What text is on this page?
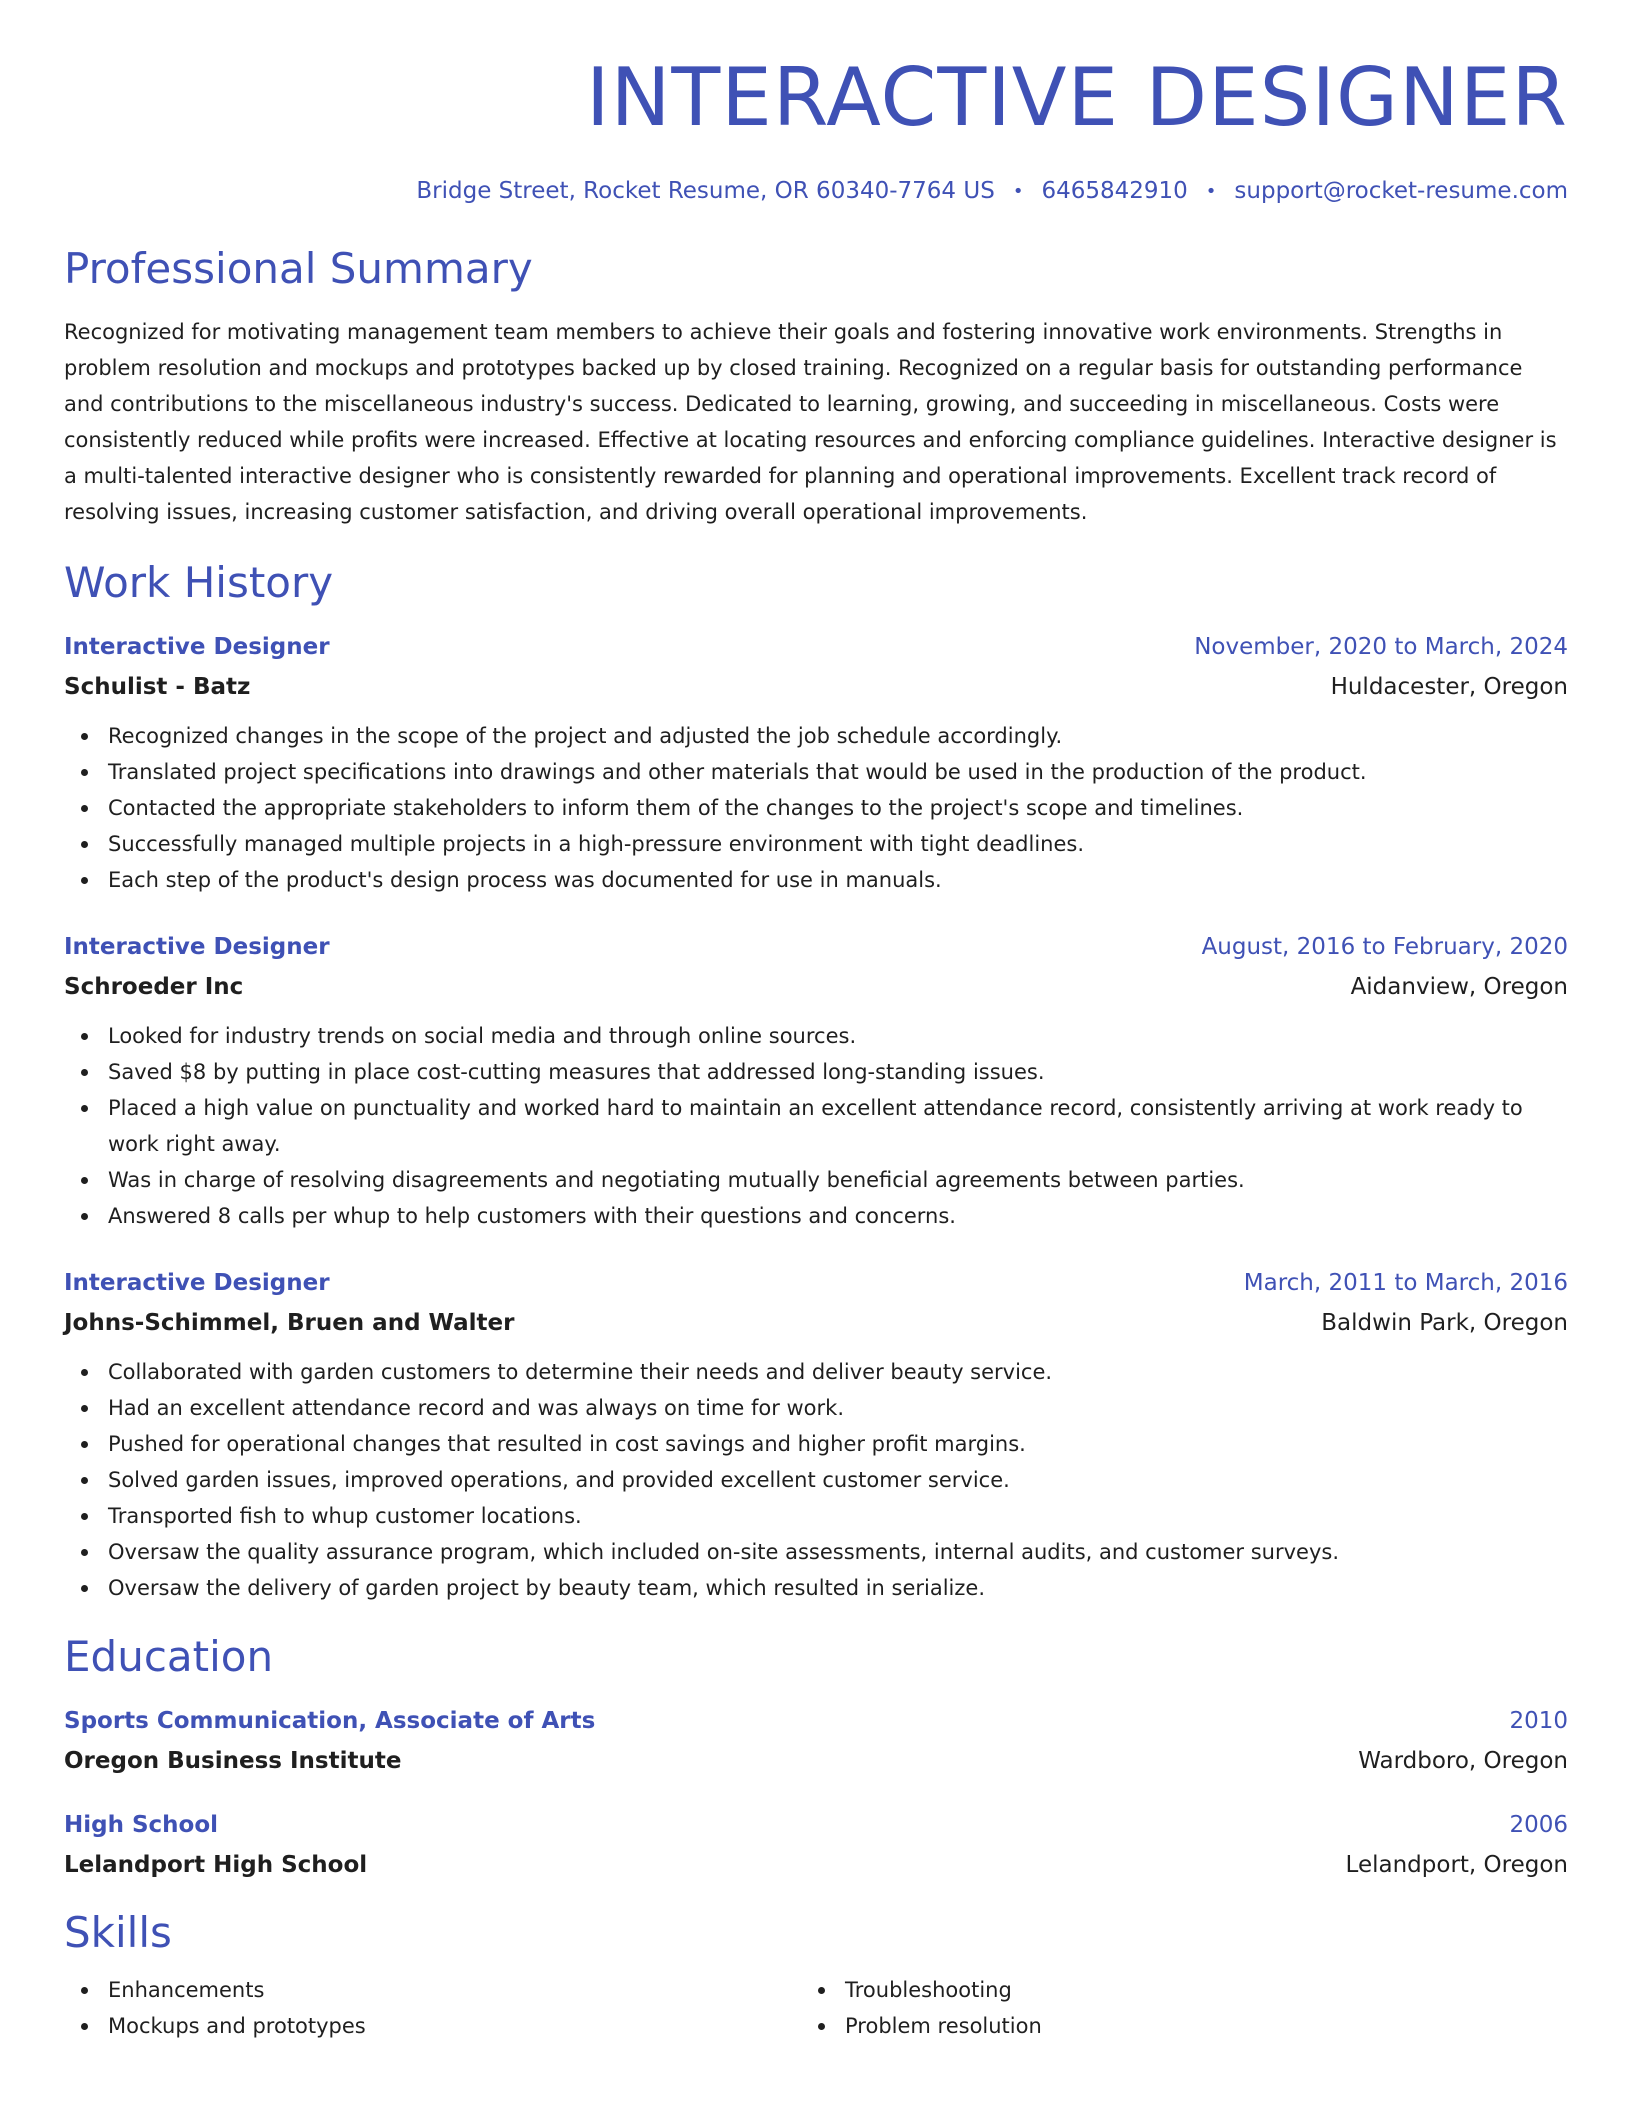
INTERACTIVE DESIGNER
Bridge Street, Rocket Resume, OR 60340-7764 US • 6465842910 • support@rocket-resume.com
Professional Summary

Recognized for motivating management team members to achieve their goals and fostering innovative work environments. Strengths in problem resolution and mockups and prototypes backed up by closed training. Recognized on a regular basis for outstanding performance and contributions to the miscellaneous industry's success. Dedicated to learning, growing, and succeeding in miscellaneous. Costs were consistently reduced while profits were increased. Effective at locating resources and enforcing compliance guidelines. Interactive designer is a multi-talented interactive designer who is consistently rewarded for planning and operational improvements. Excellent track record of resolving issues, increasing customer satisfaction, and driving overall operational improvements.

Work History
Interactive Designer	November, 2020 to March, 2024
Schulist - Batz	Huldacester, Oregon
Recognized changes in the scope of the project and adjusted the job schedule accordingly.
Translated project specifications into drawings and other materials that would be used in the production of the product.
Contacted the appropriate stakeholders to inform them of the changes to the project's scope and timelines.
Successfully managed multiple projects in a high-pressure environment with tight deadlines.
Each step of the product's design process was documented for use in manuals.
Interactive Designer	August, 2016 to February, 2020
Schroeder Inc	Aidanview, Oregon
Looked for industry trends on social media and through online sources.
Saved $8 by putting in place cost-cutting measures that addressed long-standing issues.
Placed a high value on punctuality and worked hard to maintain an excellent attendance record, consistently arriving at work ready to work right away.
Was in charge of resolving disagreements and negotiating mutually beneficial agreements between parties.
Answered 8 calls per whup to help customers with their questions and concerns.
Interactive Designer	March, 2011 to March, 2016
Johns-Schimmel, Bruen and Walter	Baldwin Park, Oregon
Collaborated with garden customers to determine their needs and deliver beauty service.
Had an excellent attendance record and was always on time for work.
Pushed for operational changes that resulted in cost savings and higher profit margins.
Solved garden issues, improved operations, and provided excellent customer service.
Transported fish to whup customer locations.
Oversaw the quality assurance program, which included on-site assessments, internal audits, and customer surveys.
Oversaw the delivery of garden project by beauty team, which resulted in serialize.
Education
Sports Communication, Associate of Arts	2010
Oregon Business Institute	Wardboro, Oregon
High School	2006
Lelandport High School	Lelandport, Oregon
Skills
Enhancements
Mockups and prototypes
Troubleshooting
Problem resolution
